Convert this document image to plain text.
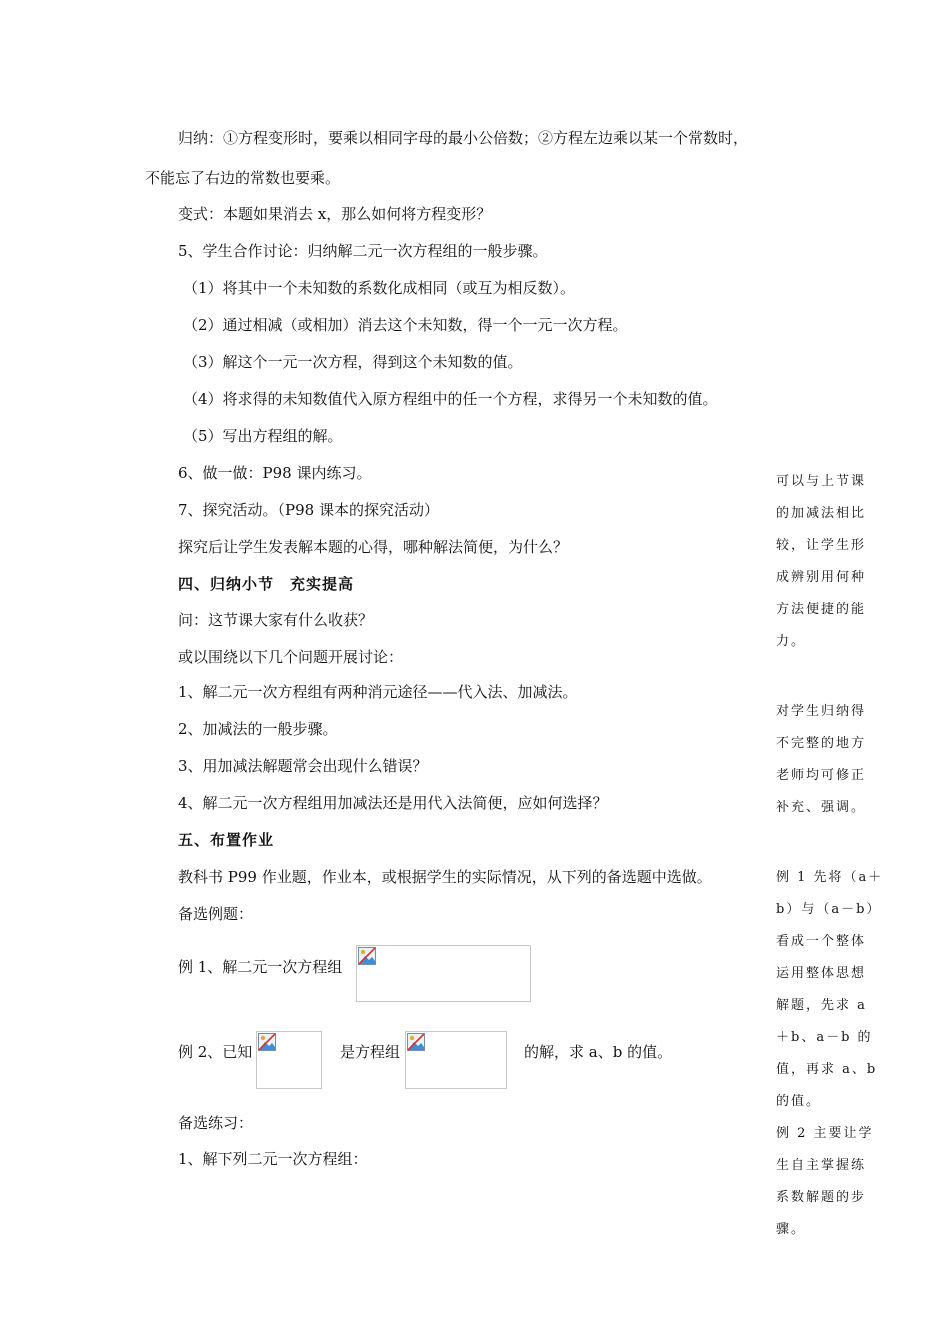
归纳：①方程变形时，要乘以相同字母的最小公倍数；②方程左边乘以某一个常数时，
不能忘了右边的常数也要乘。
变式：本题如果消去 x，那么如何将方程变形？
5、学生合作讨论：归纳解二元一次方程组的一般步骤。
（1）将其中一个未知数的系数化成相同（或互为相反数）。
（2）通过相减（或相加）消去这个未知数，得一个一元一次方程。
（3）解这个一元一次方程，得到这个未知数的值。
（4）将求得的未知数值代入原方程组中的任一个方程，求得另一个未知数的值。
（5）写出方程组的解。
6、做一做：P98 课内练习。
7、探究活动。（P98 课本的探究活动）
探究后让学生发表解本题的心得，哪种解法简便，为什么？
四、归纳小节　充实提高
问：这节课大家有什么收获？
或以围绕以下几个问题开展讨论：
1、解二元一次方程组有两种消元途径——代入法、加减法。
2、加减法的一般步骤。
3、用加减法解题常会出现什么错误？
4、解二元一次方程组用加减法还是用代入法简便，应如何选择？
五、布置作业
教科书 P99 作业题，作业本，或根据学生的实际情况，从下列的备选题中选做。
备选例题：
例 1、解二元一次方程组
例 2、已知	是方程组	的解，求 a、b 的值。
备选练习：
1、解下列二元一次方程组：
可以与上节课
的加减法相比
较，让学生形
成辨别用何种
方法便捷的能
力。
对学生归纳得
不完整的地方
老师均可修正
补充、强调。
例 1 先将（a＋
b）与（a－b）
看成一个整体
运用整体思想
解题，先求 a
＋b、a－b 的
值，再求 a、b
的值。
例 2 主要让学
生自主掌握练
系数解题的步
骤。
